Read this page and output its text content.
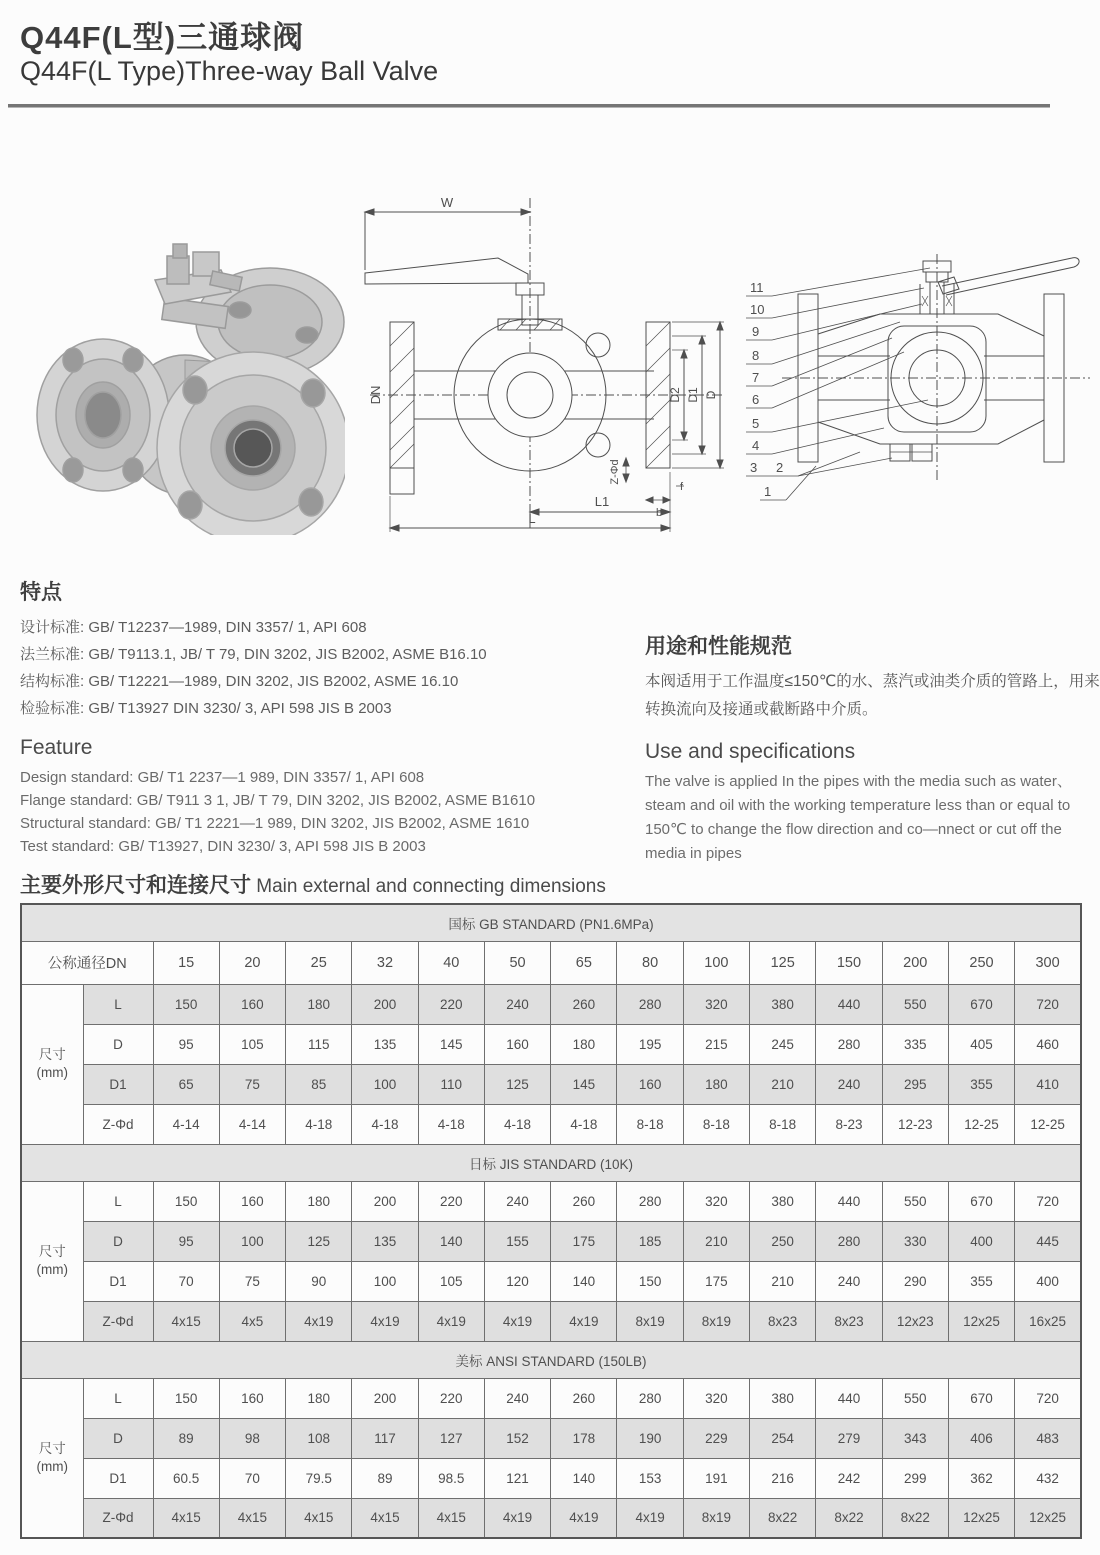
Q44F(L型)三通球阀
Q44F(L Type)Three-way Ball Valve
W
DN	D2 D1 D
Z-Φd
b
f
L1
L
11
10
9
8
7
6
5
4
3 2
1
特点
设计标准: GB/ T12237—1989, DIN 3357/ 1, API 608
法兰标准: GB/ T9113.1, JB/ T 79, DIN 3202, JIS B2002, ASME B16.10
结构标准: GB/ T12221—1989, DIN 3202, JIS B2002, ASME 16.10
检验标准: GB/ T13927 DIN 3230/ 3, API 598 JIS B 2003
Feature
Design standard: GB/ T1 2237—1 989, DIN 3357/ 1, API 608
Flange standard: GB/ T911 3 1, JB/ T 79, DIN 3202, JIS B2002, ASME B1610
Structural standard: GB/ T1 2221—1 989, DIN 3202, JIS B2002, ASME 1610
Test standard: GB/ T13927, DIN 3230/ 3, API 598 JIS B 2003
用途和性能规范
本阀适用于工作温度≤150℃的水、蒸汽或油类介质的管路上，用来转换流向及接通或截断路中介质。
Use and specifications
The valve is applied In the pipes with the media such as water、 steam and oil with the working temperature less than or equal to 150℃ to change the flow direction and co—nnect or cut off the media in pipes
主要外形尺寸和连接尺寸 Main external and connecting dimensions
国标 GB STANDARD (PN1.6MPa)															
公称通径DN		15	20	25	32	40	50	65	80	100	125	150	200	250	300
尺寸
(mm)	L	150	160	180	200	220	240	260	280	320	380	440	550	670	720
	D	95	105	115	135	145	160	180	195	215	245	280	335	405	460
	D1	65	75	85	100	110	125	145	160	180	210	240	295	355	410
	Z-Φd	4-14	4-14	4-18	4-18	4-18	4-18	4-18	8-18	8-18	8-18	8-23	12-23	12-25	12-25
日标 JIS STANDARD (10K)															
尺寸
(mm)	L	150	160	180	200	220	240	260	280	320	380	440	550	670	720
	D	95	100	125	135	140	155	175	185	210	250	280	330	400	445
	D1	70	75	90	100	105	120	140	150	175	210	240	290	355	400
	Z-Φd	4x15	4x5	4x19	4x19	4x19	4x19	4x19	8x19	8x19	8x23	8x23	12x23	12x25	16x25
美标 ANSI STANDARD (150LB)															
尺寸
(mm)	L	150	160	180	200	220	240	260	280	320	380	440	550	670	720
	D	89	98	108	117	127	152	178	190	229	254	279	343	406	483
	D1	60.5	70	79.5	89	98.5	121	140	153	191	216	242	299	362	432
	Z-Φd	4x15	4x15	4x15	4x15	4x15	4x19	4x19	4x19	8x19	8x22	8x22	8x22	12x25	12x25
